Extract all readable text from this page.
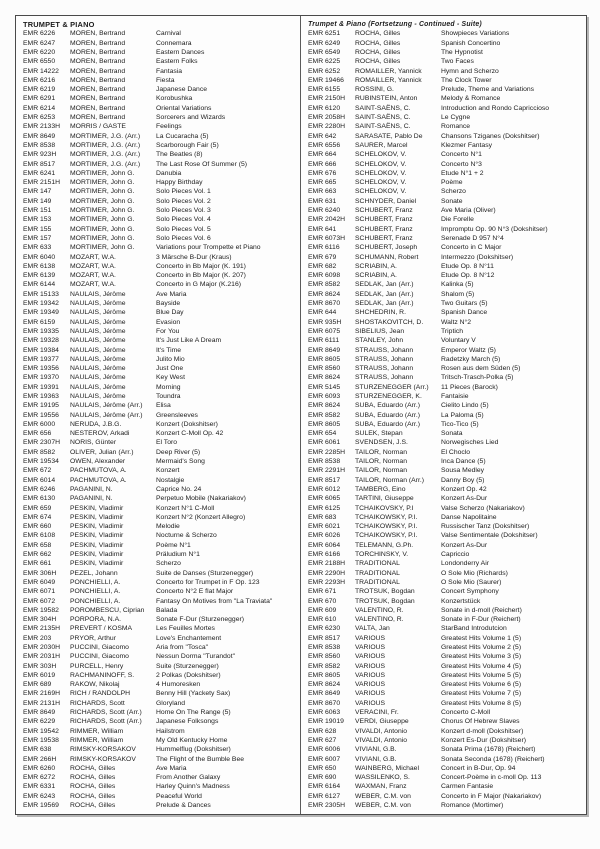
TRUMPET & PIANO
EMR 6226	MOREN, Bertrand	Carnival
EMR 6247	MOREN, Bertrand	Connemara
EMR 6220	MOREN, Bertrand	Eastern Dances
EMR 6550	MOREN, Bertrand	Eastern Folks
EMR 14222	MOREN, Bertrand	Fantasia
EMR 6216	MOREN, Bertrand	Fiesta
EMR 6219	MOREN, Bertrand	Japanese Dance
EMR 6291	MOREN, Bertrand	Korobushka
EMR 6214	MOREN, Bertrand	Oriental Variations
EMR 6253	MOREN, Bertrand	Sorcerers and Wizards
EMR 2133H	MORRIS / GASTE	Feelings
EMR 8649	MORTIMER, J.G. (Arr.)	La Cucaracha (5)
EMR 8538	MORTIMER, J.G. (Arr.)	Scarborough Fair (5)
EMR 923H	MORTIMER, J.G. (Arr.)	The Beatles (8)
EMR 8517	MORTIMER, J.G. (Arr.)	The Last Rose Of Summer (5)
EMR 6241	MORTIMER, John G.	Danubia
EMR 2151H	MORTIMER, John G.	Happy Birthday
EMR 147	MORTIMER, John G.	Solo Pieces Vol. 1
EMR 149	MORTIMER, John G.	Solo Pieces Vol. 2
EMR 151	MORTIMER, John G.	Solo Pieces Vol. 3
EMR 153	MORTIMER, John G.	Solo Pieces Vol. 4
EMR 155	MORTIMER, John G.	Solo Pieces Vol. 5
EMR 157	MORTIMER, John G.	Solo Pieces Vol. 6
EMR 633	MORTIMER, John G.	Variations pour Trompette et Piano
EMR 6040	MOZART, W.A.	3 Märsche B-Dur (Kraus)
EMR 6138	MOZART, W.A.	Concerto in Bb Major (K. 191)
EMR 6139	MOZART, W.A.	Concerto in Bb Major (K. 207)
EMR 6144	MOZART, W.A.	Concerto in G Major (K.216)
EMR 15133	NAULAIS, Jérôme	Ave Maria
EMR 19342	NAULAIS, Jérôme	Bayside
EMR 19349	NAULAIS, Jérôme	Blue Day
EMR 6159	NAULAIS, Jérôme	Evasion
EMR 19335	NAULAIS, Jérôme	For You
EMR 19328	NAULAIS, Jérôme	It's Just Like A Dream
EMR 19384	NAULAIS, Jérôme	It's Time
EMR 19377	NAULAIS, Jérôme	Julito Mio
EMR 19356	NAULAIS, Jérôme	Just One
EMR 19370	NAULAIS, Jérôme	Key West
EMR 19391	NAULAIS, Jérôme	Morning
EMR 19363	NAULAIS, Jérôme	Toundra
EMR 19195	NAULAIS, Jérôme (Arr.)	Elisa
EMR 19556	NAULAIS, Jérôme (Arr.)	Greensleeves
EMR 6000	NERUDA, J.B.G.	Konzert (Dokshitser)
EMR 656	NESTEROV, Arkadi	Konzert C-Moll Op. 42
EMR 2307H	NORIS, Günter	El Toro
EMR 8582	OLIVER, Julian (Arr.)	Deep River (5)
EMR 19534	OWEN, Alexander	Mermaid's Song
EMR 672	PACHMUTOVA, A.	Konzert
EMR 6014	PACHMUTOVA, A.	Nostalgie
EMR 6246	PAGANINI, N.	Caprice No. 24
EMR 6130	PAGANINI, N.	Perpetuo Mobile (Nakariakov)
EMR 659	PESKIN, Vladimir	Konzert N°1 C-Moll
EMR 674	PESKIN, Vladimir	Konzert N°2 (Konzert Allegro)
EMR 660	PESKIN, Vladimir	Melodie
EMR 6108	PESKIN, Vladimir	Nocturne & Scherzo
EMR 658	PESKIN, Vladimir	Poème N°1
EMR 662	PESKIN, Vladimir	Präludium N°1
EMR 661	PESKIN, Vladimir	Scherzo
EMR 306H	PEZEL, Johann	Suite de Danses (Sturzenegger)
EMR 6049	PONCHIELLI, A.	Concerto for Trumpet in F Op. 123
EMR 6071	PONCHIELLI, A.	Concerto N°2 E flat Major
EMR 6072	PONCHIELLI, A.	Fantasy On Motives from "La Traviata"
EMR 19582	POROMBESCU, Ciprian	Balada
EMR 304H	PORPORA, N.A.	Sonate F-Dur (Sturzenegger)
EMR 2135H	PREVERT / KOSMA	Les Feuilles Mortes
EMR 203	PRYOR, Arthur	Love's Enchantement
EMR 2030H	PUCCINI, Giacomo	Aria from "Tosca"
EMR 2031H	PUCCINI, Giacomo	Nessun Dorma "Turandot"
EMR 303H	PURCELL, Henry	Suite (Sturzenegger)
EMR 6019	RACHMANINOFF, S.	2 Polkas (Dokshitser)
EMR 689	RAKOW, Nikolaj	4 Humoresken
EMR 2169H	RICH / RANDOLPH	Benny Hill (Yackety Sax)
EMR 2131H	RICHARDS, Scott	Gloryland
EMR 8649	RICHARDS, Scott (Arr.)	Home On The Range (5)
EMR 6229	RICHARDS, Scott (Arr.)	Japanese Folksongs
EMR 19542	RIMMER, William	Hailstrom
EMR 19538	RIMMER, William	My Old Kentucky Home
EMR 638	RIMSKY-KORSAKOV	Hummelflug (Dokshitser)
EMR 266H	RIMSKY-KORSAKOV	The Flight of the Bumble Bee
EMR 6260	ROCHA, Gilles	Ave Maria
EMR 6272	ROCHA, Gilles	From Another Galaxy
EMR 6331	ROCHA, Gilles	Harley Quinn's Madness
EMR 6243	ROCHA, Gilles	Peaceful World
EMR 19569	ROCHA, Gilles	Prelude & Dances
Trumpet & Piano (Fortsetzung - Continued - Suite)
EMR 6251	ROCHA, Gilles	Showpieces Variations
EMR 6249	ROCHA, Gilles	Spanish Concertino
EMR 6549	ROCHA, Gilles	The Hypnotist
EMR 6225	ROCHA, Gilles	Two Faces
EMR 6252	ROMAILLER, Yannick	Hymn and Scherzo
EMR 19466	ROMAILLER, Yannick	The Clock Tower
EMR 6155	ROSSINI, G.	Prelude, Theme and Variations
EMR 2150H	RUBINSTEIN, Anton	Melody & Romance
EMR 6120	SAINT-SAËNS, C.	Introduction and Rondo Capriccioso
EMR 2058H	SAINT-SAËNS, C.	Le Cygne
EMR 2280H	SAINT-SAËNS, C.	Romance
EMR 642	SARASATE, Pablo De	Chansons Tziganes (Dokshitser)
EMR 6556	SAURER, Marcel	Klezmer Fantasy
EMR 664	SCHELOKOV, V.	Concerto N°1
EMR 666	SCHELOKOV, V.	Concerto N°3
EMR 676	SCHELOKOV, V.	Etude N°1 + 2
EMR 665	SCHELOKOV, V.	Poème
EMR 663	SCHELOKOV, V.	Scherzo
EMR 631	SCHNYDER, Daniel	Sonate
EMR 6240	SCHUBERT, Franz	Ave Maria (Oliver)
EMR 2042H	SCHUBERT, Franz	Die Forelle
EMR 641	SCHUBERT, Franz	Impromptu Op. 90 N°3 (Dokshitser)
EMR 6073H	SCHUBERT, Franz	Serenade D 957 N°4
EMR 6116	SCHUBERT, Joseph	Concerto in C Major
EMR 679	SCHUMANN, Robert	Intermezzo (Dokshitser)
EMR 682	SCRIABIN, A.	Etude Op. 8 N°11
EMR 6098	SCRIABIN, A.	Etude Op. 8 N°12
EMR 8582	SEDLAK, Jan (Arr.)	Kalinka (5)
EMR 8624	SEDLAK, Jan (Arr.)	Shalom (5)
EMR 8670	SEDLAK, Jan (Arr.)	Two Guitars (5)
EMR 644	SHCHEDRIN, R.	Spanish Dance
EMR 935H	SHOSTAKOVITCH, D.	Waltz N°2
EMR 6075	SIBELIUS, Jean	Triptich
EMR 6111	STANLEY, John	Voluntary V
EMR 8649	STRAUSS, Johann	Emperor Waltz (5)
EMR 8605	STRAUSS, Johann	Radetzky March (5)
EMR 8560	STRAUSS, Johann	Rosen aus dem Süden (5)
EMR 8624	STRAUSS, Johann	Tritsch-Trasch-Polka (5)
EMR 5145	STURZENEGGER (Arr.)	11 Pieces (Barock)
EMR 6093	STURZENEGGER, K.	Fantaisie
EMR 8624	SUBA, Eduardo (Arr.)	Cielito Lindo (5)
EMR 8582	SUBA, Eduardo (Arr.)	La Paloma (5)
EMR 8605	SUBA, Eduardo (Arr.)	Tico-Tico (5)
EMR 654	SULEK, Stepan	Sonata
EMR 6061	SVENDSEN, J.S.	Norwegisches Lied
EMR 2285H	TAILOR, Norman	El Choclo
EMR 8538	TAILOR, Norman	Inca Dance (5)
EMR 2291H	TAILOR, Norman	Sousa Medley
EMR 8517	TAILOR, Norman (Arr.)	Danny Boy (5)
EMR 6012	TAMBERG, Eino	Konzert Op. 42
EMR 6065	TARTINI, Giuseppe	Konzert As-Dur
EMR 6125	TCHAIKOVSKY, P.I	Valse Scherzo (Nakariakov)
EMR 683	TCHAIKOWSKY, P.I.	Danse Napolitaine
EMR 6021	TCHAIKOWSKY, P.I.	Russischer Tanz (Dokshitser)
EMR 6026	TCHAIKOWSKY, P.I.	Valse Sentimentale (Dokshitser)
EMR 6064	TELEMANN, G.Ph.	Konzert As-Dur
EMR 6166	TORCHINSKY, V.	Capriccio
EMR 2188H	TRADITIONAL	Londonderry Air
EMR 2290H	TRADITIONAL	O Sole Mio (Richards)
EMR 2293H	TRADITIONAL	O Sole Mio (Saurer)
EMR 671	TROTSUK, Bogdan	Concert Symphony
EMR 670	TROTSUK, Bogdan	Konzertstück
EMR 609	VALENTINO, R.	Sonate in d-moll (Reichert)
EMR 610	VALENTINO, R.	Sonate in F-Dur (Reichert)
EMR 6230	VALTA, Jan	StarBand Introdutcion
EMR 8517	VARIOUS	Greatest Hits Volume 1 (5)
EMR 8538	VARIOUS	Greatest Hits Volume 2 (5)
EMR 8560	VARIOUS	Greatest Hits Volume 3 (5)
EMR 8582	VARIOUS	Greatest Hits Volume 4 (5)
EMR 8605	VARIOUS	Greatest Hits Volume 5 (5)
EMR 8624	VARIOUS	Greatest Hits Volume 6 (5)
EMR 8649	VARIOUS	Greatest Hits Volume 7 (5)
EMR 8670	VARIOUS	Greatest Hits Volume 8 (5)
EMR 6063	VERACINI, Fr.	Concerto C-Moll
EMR 19019	VERDI, Giuseppe	Chorus Of Hebrew Slaves
EMR 628	VIVALDI, Antonio	Konzert d-moll (Dokshitser)
EMR 627	VIVALDI, Antonio	Konzert Es-Dur (Dokshitser)
EMR 6006	VIVIANI, G.B.	Sonata Prima (1678) (Reichert)
EMR 6007	VIVIANI, G.B.	Sonata Seconda (1678) (Reichert)
EMR 650	WAINBERG, Michael	Concert in B-Dur, Op. 94
EMR 690	WASSILENKO, S.	Concert-Poème in c-moll Op. 113
EMR 6164	WAXMAN, Franz	Carmen Fantasie
EMR 6127	WEBER, C.M. von	Concerto in F Major (Nakariakov)
EMR 2305H	WEBER, C.M. von	Romance (Mortimer)
